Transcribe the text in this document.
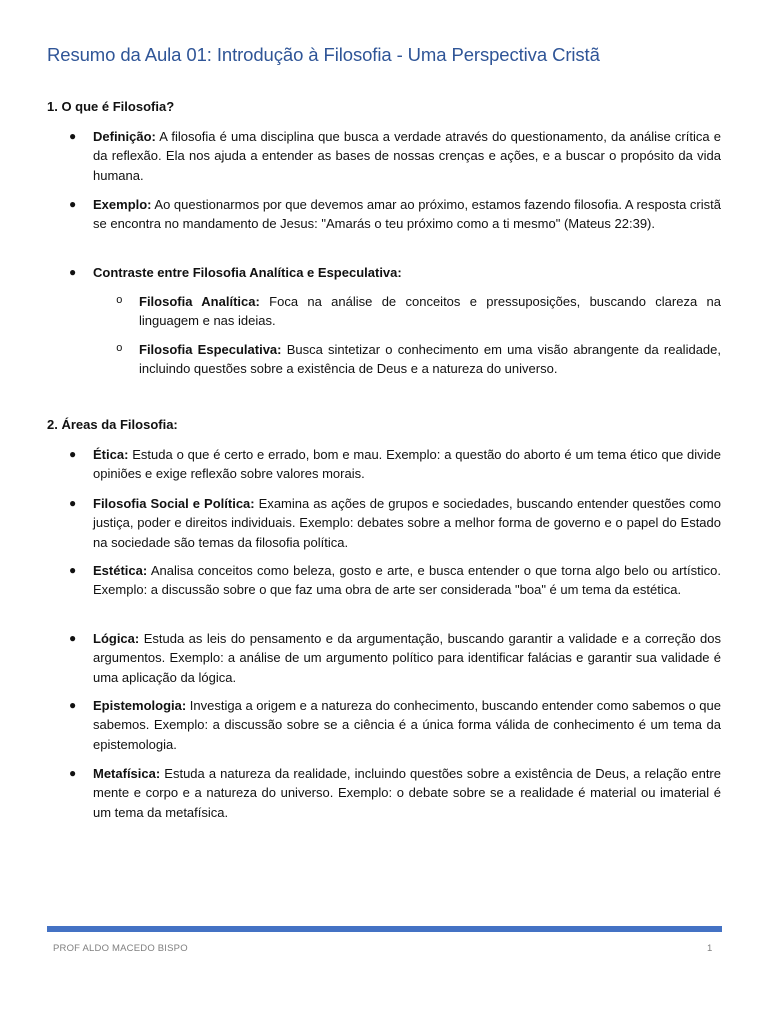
Resumo da Aula 01: Introdução à Filosofia - Uma Perspectiva Cristã
1. O que é Filosofia?
● Definição: A filosofia é uma disciplina que busca a verdade através do questionamento, da análise crítica e da reflexão. Ela nos ajuda a entender as bases de nossas crenças e ações, e a buscar o propósito da vida humana.
● Exemplo: Ao questionarmos por que devemos amar ao próximo, estamos fazendo filosofia. A resposta cristã se encontra no mandamento de Jesus: "Amarás o teu próximo como a ti mesmo" (Mateus 22:39).
● Contraste entre Filosofia Analítica e Especulativa:
o Filosofia Analítica: Foca na análise de conceitos e pressuposições, buscando clareza na linguagem e nas ideias.
o Filosofia Especulativa: Busca sintetizar o conhecimento em uma visão abrangente da realidade, incluindo questões sobre a existência de Deus e a natureza do universo.
2. Áreas da Filosofia:
● Ética: Estuda o que é certo e errado, bom e mau. Exemplo: a questão do aborto é um tema ético que divide opiniões e exige reflexão sobre valores morais.
● Filosofia Social e Política: Examina as ações de grupos e sociedades, buscando entender questões como justiça, poder e direitos individuais. Exemplo: debates sobre a melhor forma de governo e o papel do Estado na sociedade são temas da filosofia política.
● Estética: Analisa conceitos como beleza, gosto e arte, e busca entender o que torna algo belo ou artístico. Exemplo: a discussão sobre o que faz uma obra de arte ser considerada "boa" é um tema da estética.
● Lógica: Estuda as leis do pensamento e da argumentação, buscando garantir a validade e a correção dos argumentos. Exemplo: a análise de um argumento político para identificar falácias e garantir sua validade é uma aplicação da lógica.
● Epistemologia: Investiga a origem e a natureza do conhecimento, buscando entender como sabemos o que sabemos. Exemplo: a discussão sobre se a ciência é a única forma válida de conhecimento é um tema da epistemologia.
● Metafísica: Estuda a natureza da realidade, incluindo questões sobre a existência de Deus, a relação entre mente e corpo e a natureza do universo. Exemplo: o debate sobre se a realidade é material ou imaterial é um tema da metafísica.
PROF ALDO MACEDO BISPO	1
